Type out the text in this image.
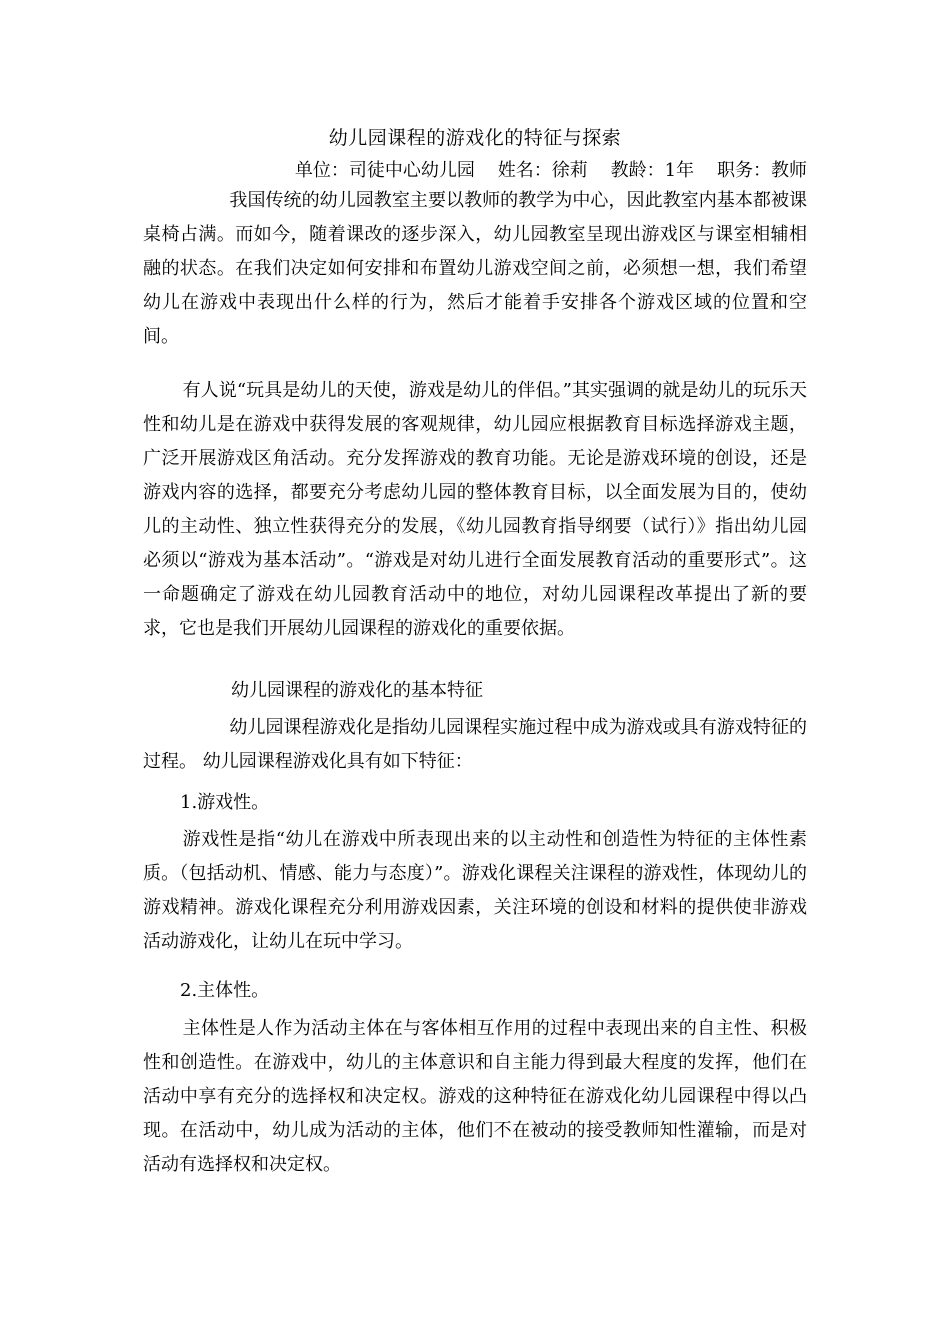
幼儿园课程的游戏化的特征与探索
单位：司徒中心幼儿园    姓名：徐莉    教龄：1年    职务：教师

我国传统的幼儿园教室主要以教师的教学为中心，因此教室内基本都被课桌椅占满。而如今，随着课改的逐步深入，幼儿园教室呈现出游戏区与课室相辅相融的状态。在我们决定如何安排和布置幼儿游戏空间之前，必须想一想，我们希望幼儿在游戏中表现出什么样的行为，然后才能着手安排各个游戏区域的位置和空间。

有人说“玩具是幼儿的天使，游戏是幼儿的伴侣。”其实强调的就是幼儿的玩乐天性和幼儿是在游戏中获得发展的客观规律，幼儿园应根据教育目标选择游戏主题，广泛开展游戏区角活动。充分发挥游戏的教育功能。无论是游戏环境的创设，还是游戏内容的选择，都要充分考虑幼儿园的整体教育目标，以全面发展为目的，使幼儿的主动性、独立性获得充分的发展，《幼儿园教育指导纲要（试行）》指出幼儿园必须以“游戏为基本活动”。“游戏是对幼儿进行全面发展教育活动的重要形式”。这一命题确定了游戏在幼儿园教育活动中的地位，对幼儿园课程改革提出了新的要求，它也是我们开展幼儿园课程的游戏化的重要依据。

幼儿园课程的游戏化的基本特征

幼儿园课程游戏化是指幼儿园课程实施过程中成为游戏或具有游戏特征的过程。 幼儿园课程游戏化具有如下特征：

1.游戏性。

游戏性是指“幼儿在游戏中所表现出来的以主动性和创造性为特征的主体性素质。（包括动机、情感、能力与态度）”。游戏化课程关注课程的游戏性，体现幼儿的游戏精神。游戏化课程充分利用游戏因素，关注环境的创设和材料的提供使非游戏活动游戏化，让幼儿在玩中学习。

2.主体性。

主体性是人作为活动主体在与客体相互作用的过程中表现出来的自主性、积极性和创造性。在游戏中，幼儿的主体意识和自主能力得到最大程度的发挥，他们在活动中享有充分的选择权和决定权。游戏的这种特征在游戏化幼儿园课程中得以凸现。在活动中，幼儿成为活动的主体，他们不在被动的接受教师知性灌输，而是对活动有选择权和决定权。
